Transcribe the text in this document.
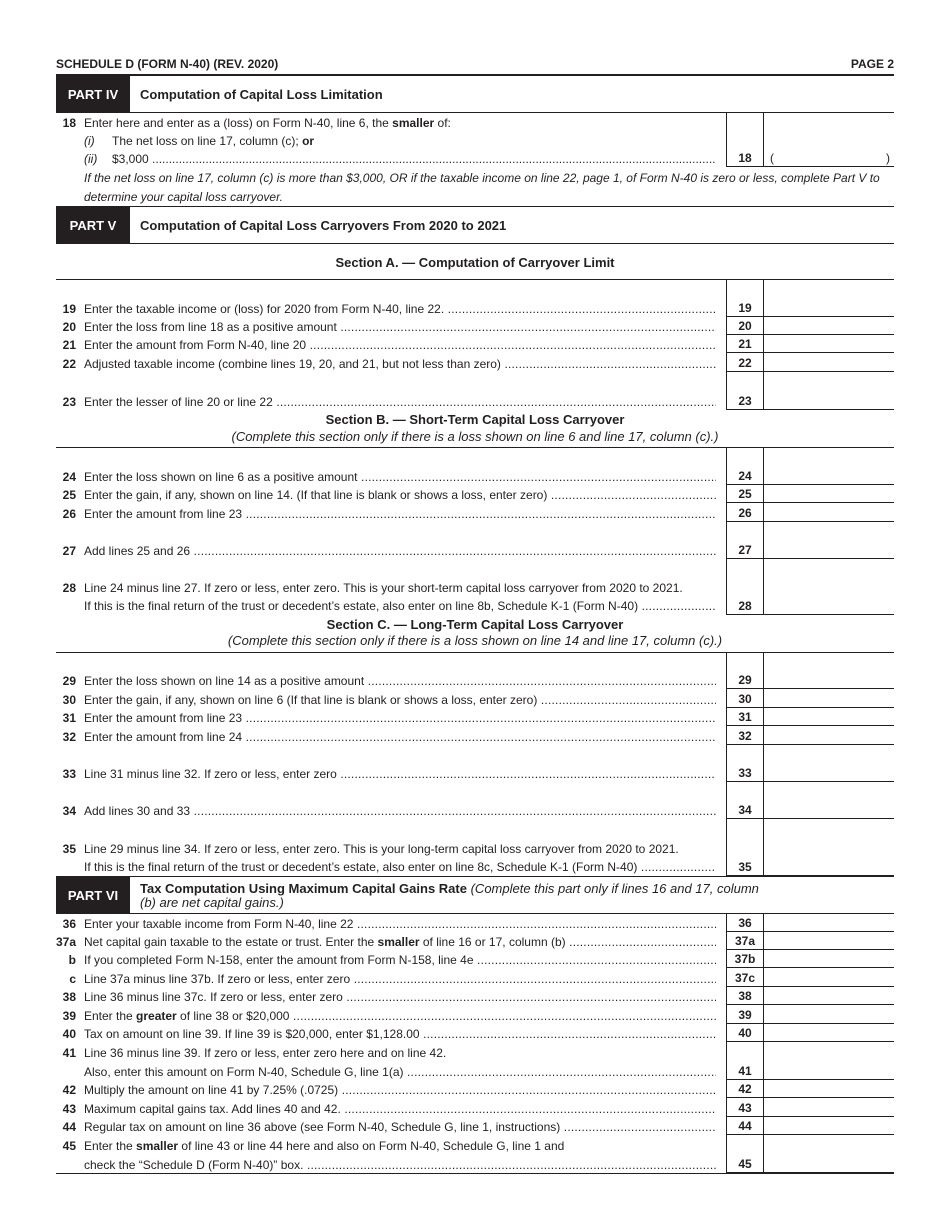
SCHEDULE D (FORM N-40) (REV. 2020)	PAGE 2
PART IV	Computation of Capital Loss Limitation
18 Enter here and enter as a (loss) on Form N-40, line 6, the smaller of:
(i) The net loss on line 17, column (c); or
(ii) $3,000 .....	18	(	)
If the net loss on line 17, column (c) is more than $3,000, OR if the taxable income on line 22, page 1, of Form N-40 is zero or less, complete Part V to determine your capital loss carryover.
PART V	Computation of Capital Loss Carryovers From 2020 to 2021
Section A. — Computation of Carryover Limit
19 Enter the taxable income or (loss) for 2020 from Form N-40, line 22. .....	19
20 Enter the loss from line 18 as a positive amount .....	20
21 Enter the amount from Form N-40, line 20 .....	21
22 Adjusted taxable income (combine lines 19, 20, and 21, but not less than zero) .....	22
23 Enter the lesser of line 20 or line 22 .....	23
Section B. — Short-Term Capital Loss Carryover
(Complete this section only if there is a loss shown on line 6 and line 17, column (c).)
24 Enter the loss shown on line 6 as a positive amount .....	24
25 Enter the gain, if any, shown on line 14. (If that line is blank or shows a loss, enter zero) .....	25
26 Enter the amount from line 23 .....	26
27 Add lines 25 and 26 .....	27
28 Line 24 minus line 27. If zero or less, enter zero. This is your short-term capital loss carryover from 2020 to 2021.
If this is the final return of the trust or decedent’s estate, also enter on line 8b, Schedule K-1 (Form N-40) .....	28
Section C. — Long-Term Capital Loss Carryover
(Complete this section only if there is a loss shown on line 14 and line 17, column (c).)
29 Enter the loss shown on line 14 as a positive amount .....	29
30 Enter the gain, if any, shown on line 6 (If that line is blank or shows a loss, enter zero) .....	30
31 Enter the amount from line 23 .....	31
32 Enter the amount from line 24 .....	32
33 Line 31 minus line 32. If zero or less, enter zero .....	33
34 Add lines 30 and 33 .....	34
35 Line 29 minus line 34. If zero or less, enter zero. This is your long-term capital loss carryover from 2020 to 2021.
If this is the final return of the trust or decedent’s estate, also enter on line 8c, Schedule K-1 (Form N-40) .....	35
PART VI	Tax Computation Using Maximum Capital Gains Rate (Complete this part only if lines 16 and 17, column
(b) are net capital gains.)
36 Enter your taxable income from Form N-40, line 22 .....	36
37a Net capital gain taxable to the estate or trust. Enter the smaller of line 16 or 17, column (b) .....	37a
b If you completed Form N-158, enter the amount from Form N-158, line 4e .....	37b
c Line 37a minus line 37b. If zero or less, enter zero .....	37c
38 Line 36 minus line 37c. If zero or less, enter zero .....	38
39 Enter the greater of line 38 or $20,000 .....	39
40 Tax on amount on line 39. If line 39 is $20,000, enter $1,128.00 .....	40
41 Line 36 minus line 39. If zero or less, enter zero here and on line 42.
Also, enter this amount on Form N-40, Schedule G, line 1(a) .....	41
42 Multiply the amount on line 41 by 7.25% (.0725) .....	42
43 Maximum capital gains tax. Add lines 40 and 42. .....	43
44 Regular tax on amount on line 36 above (see Form N-40, Schedule G, line 1, instructions) .....	44
45 Enter the smaller of line 43 or line 44 here and also on Form N-40, Schedule G, line 1 and
check the “Schedule D (Form N-40)” box. .....	45
